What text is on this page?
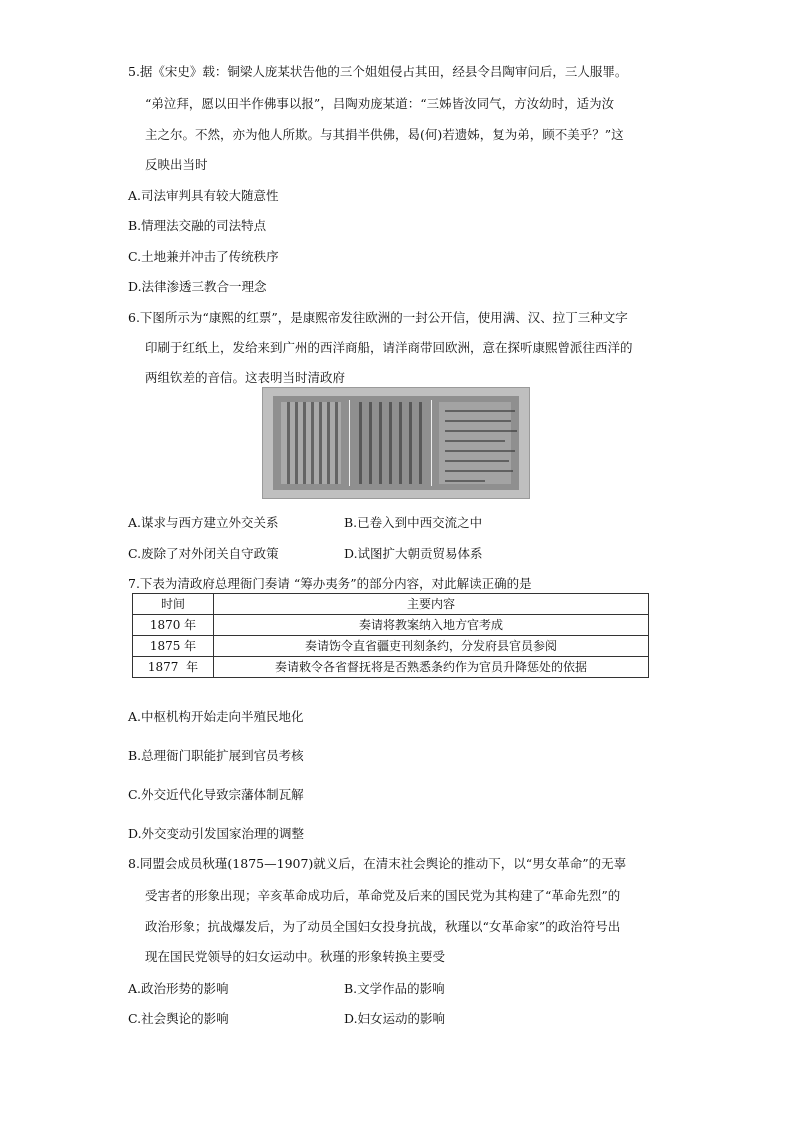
5.据《宋史》载：铜梁人庞某状告他的三个姐姐侵占其田，经县令吕陶审问后，三人服罪。
“弟泣拜，愿以田半作佛事以报”，吕陶劝庞某道：“三姊皆汝同气，方汝幼时，适为汝
主之尔。不然，亦为他人所欺。与其捐半供佛，曷(何)若遗姊，复为弟，顾不美乎？”这
反映出当时
A.司法审判具有较大随意性
B.情理法交融的司法特点
C.土地兼并冲击了传统秩序
D.法律渗透三教合一理念
6.下图所示为“康熙的红票”，是康熙帝发往欧洲的一封公开信，使用满、汉、拉丁三种文字
印刷于红纸上，发给来到广州的西洋商船，请洋商带回欧洲，意在探听康熙曾派往西洋的
两组钦差的音信。这表明当时清政府
A.谋求与西方建立外交关系	B.已卷入到中西交流之中
C.废除了对外闭关自守政策	D.试图扩大朝贡贸易体系
7.下表为清政府总理衙门奏请 “筹办夷务”的部分内容，对此解读正确的是
时间	主要内容
1870 年	奏请将教案纳入地方官考成
1875 年	奏请饬令直省疆吏刊刻条约，分发府县官员参阅
1877  年	奏请敕令各省督抚将是否熟悉条约作为官员升降惩处的依据
A.中枢机构开始走向半殖民地化
B.总理衙门职能扩展到官员考核
C.外交近代化导致宗藩体制瓦解
D.外交变动引发国家治理的调整
8.同盟会成员秋瑾(1875—1907)就义后，在清末社会舆论的推动下，以“男女革命”的无辜
受害者的形象出现；辛亥革命成功后，革命党及后来的国民党为其构建了“革命先烈”的
政治形象；抗战爆发后，为了动员全国妇女投身抗战，秋瑾以“女革命家”的政治符号出
现在国民党领导的妇女运动中。秋瑾的形象转换主要受
A.政治形势的影响	B.文学作品的影响
C.社会舆论的影响	D.妇女运动的影响
